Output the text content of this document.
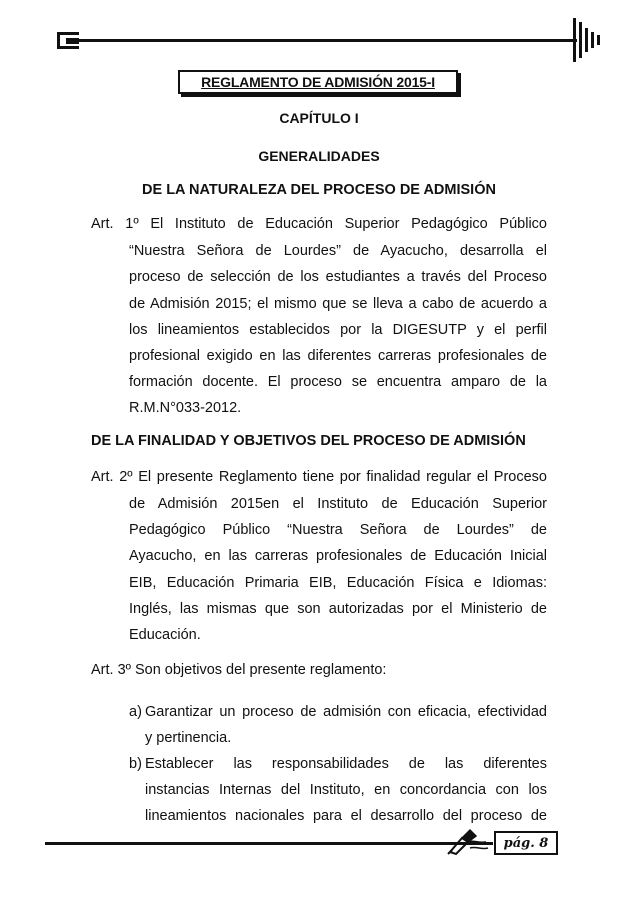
REGLAMENTO DE ADMISIÓN 2015-I
CAPÍTULO I
GENERALIDADES
DE LA NATURALEZA DEL PROCESO DE ADMISIÓN
Art. 1º El Instituto de Educación Superior Pedagógico Público
“Nuestra Señora de Lourdes” de Ayacucho, desarrolla el
proceso de selección de los estudiantes a través del Proceso
de Admisión 2015; el mismo que se lleva a cabo de acuerdo a
los lineamientos establecidos por la DIGESUTP y el perfil
profesional exigido en las diferentes carreras profesionales de
formación docente. El proceso se encuentra amparo de la
R.M.N°033-2012.
DE LA FINALIDAD Y OBJETIVOS DEL PROCESO DE ADMISIÓN
Art. 2º El presente Reglamento tiene por finalidad regular el Proceso
de Admisión 2015en el Instituto de Educación Superior
Pedagógico Público “Nuestra Señora de Lourdes” de
Ayacucho, en las carreras profesionales de Educación Inicial
EIB, Educación Primaria EIB, Educación Física e Idiomas:
Inglés, las mismas que son autorizadas por el Ministerio de
Educación.
Art. 3º Son objetivos del presente reglamento:
a) Garantizar un proceso de admisión con eficacia, efectividad
y pertinencia.
b) Establecer las responsabilidades de las diferentes
instancias Internas del Instituto, en concordancia con los
lineamientos nacionales para el desarrollo del proceso de
pág. 8
